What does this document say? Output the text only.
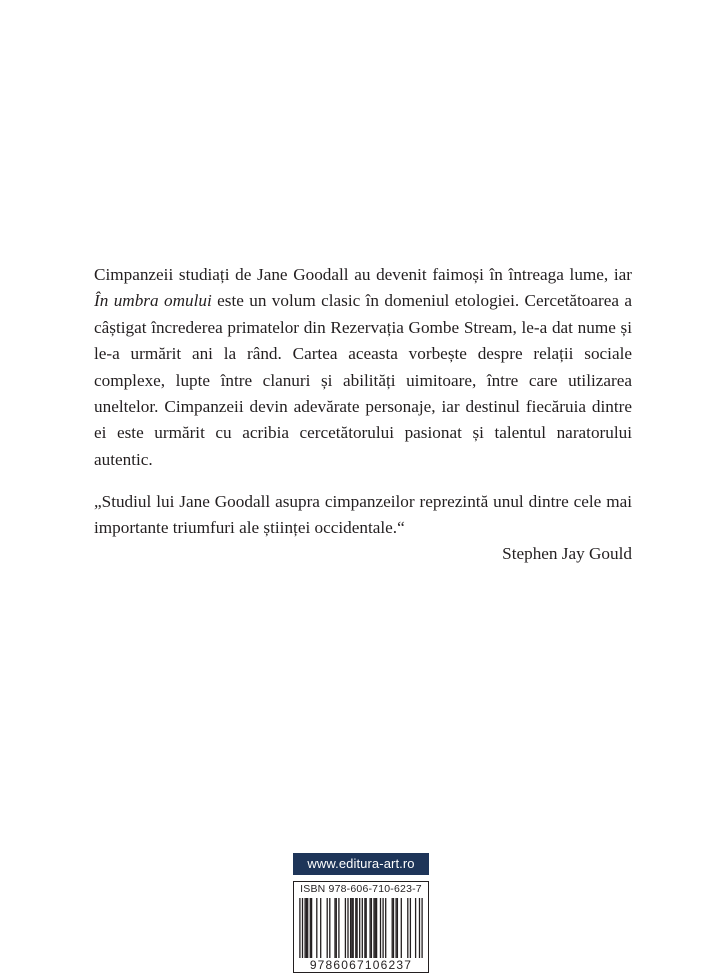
Cimpanzeii studiați de Jane Goodall au devenit faimoși în întreaga lume, iar În umbra omului este un volum clasic în domeniul etologiei. Cercetătoarea a câștigat încrederea primatelor din Rezervația Gombe Stream, le-a dat nume și le-a urmărit ani la rând. Cartea aceasta vorbește despre relații sociale complexe, lupte între clanuri și abilități uimitoare, între care utilizarea uneltelor. Cimpanzeii devin adevărate personaje, iar destinul fiecăruia dintre ei este urmărit cu acribia cercetătorului pasionat și talentul naratorului autentic.

„Studiul lui Jane Goodall asupra cimpanzeilor reprezintă unul dintre cele mai importante triumfuri ale științei occidentale.“

Stephen Jay Gould
www.editura-art.ro
ISBN 978-606-710-623-7
9786067106237
